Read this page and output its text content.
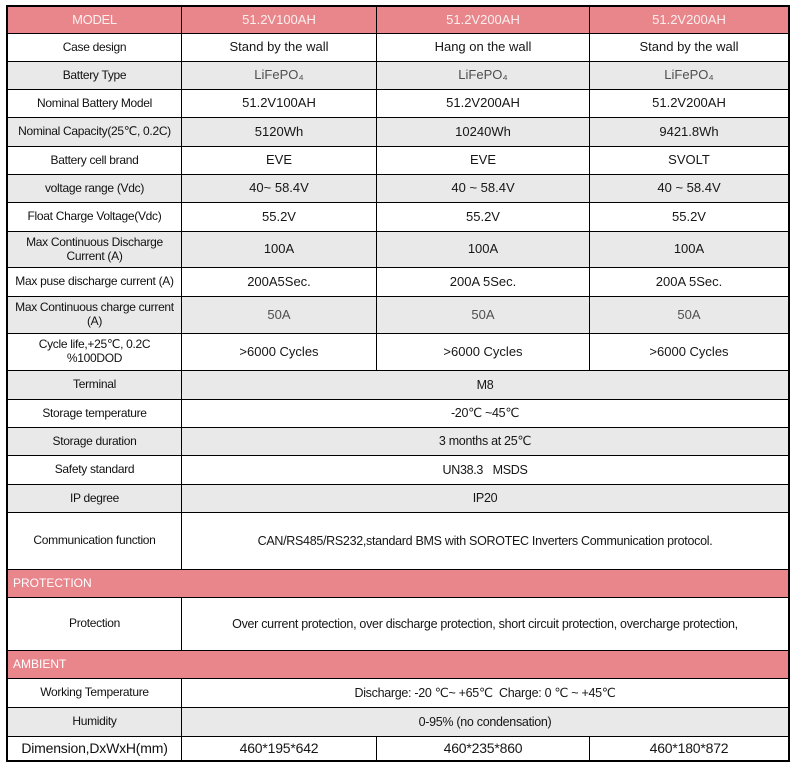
MODEL	51.2V100AH	51.2V200AH	51.2V200AH
Case design	Stand by the wall	Hang on the wall	Stand by the wall
Battery Type	LiFePO₄	LiFePO₄	LiFePO₄
Nominal Battery Model	51.2V100AH	51.2V200AH	51.2V200AH
Nominal Capacity(25℃, 0.2C)	5120Wh	10240Wh	9421.8Wh
Battery cell brand	EVE	EVE	SVOLT
voltage range (Vdc)	40~ 58.4V	40 ~ 58.4V	40 ~ 58.4V
Float Charge Voltage(Vdc)	55.2V	55.2V	55.2V
Max Continuous Discharge Current (A)	100A	100A	100A
Max puse discharge current (A)	200A5Sec.	200A 5Sec.	200A 5Sec.
Max Continuous charge current (A)	50A	50A	50A
Cycle life,+25℃, 0.2C %100DOD	>6000 Cycles	>6000 Cycles	>6000 Cycles
Terminal	M8
Storage temperature	-20℃ ~45℃
Storage duration	3 months at 25℃
Safety standard	UN38.3   MSDS
IP degree	IP20
Communication function	CAN/RS485/RS232,standard BMS with SOROTEC Inverters Communication protocol.
PROTECTION
Protection	Over current protection, over discharge protection, short circuit protection, overcharge protection,
AMBIENT
Working Temperature	Discharge: -20 ℃~ +65℃  Charge: 0 ℃ ~ +45℃
Humidity	0-95% (no condensation)
Dimension,DxWxH(mm)	460*195*642	460*235*860	460*180*872
